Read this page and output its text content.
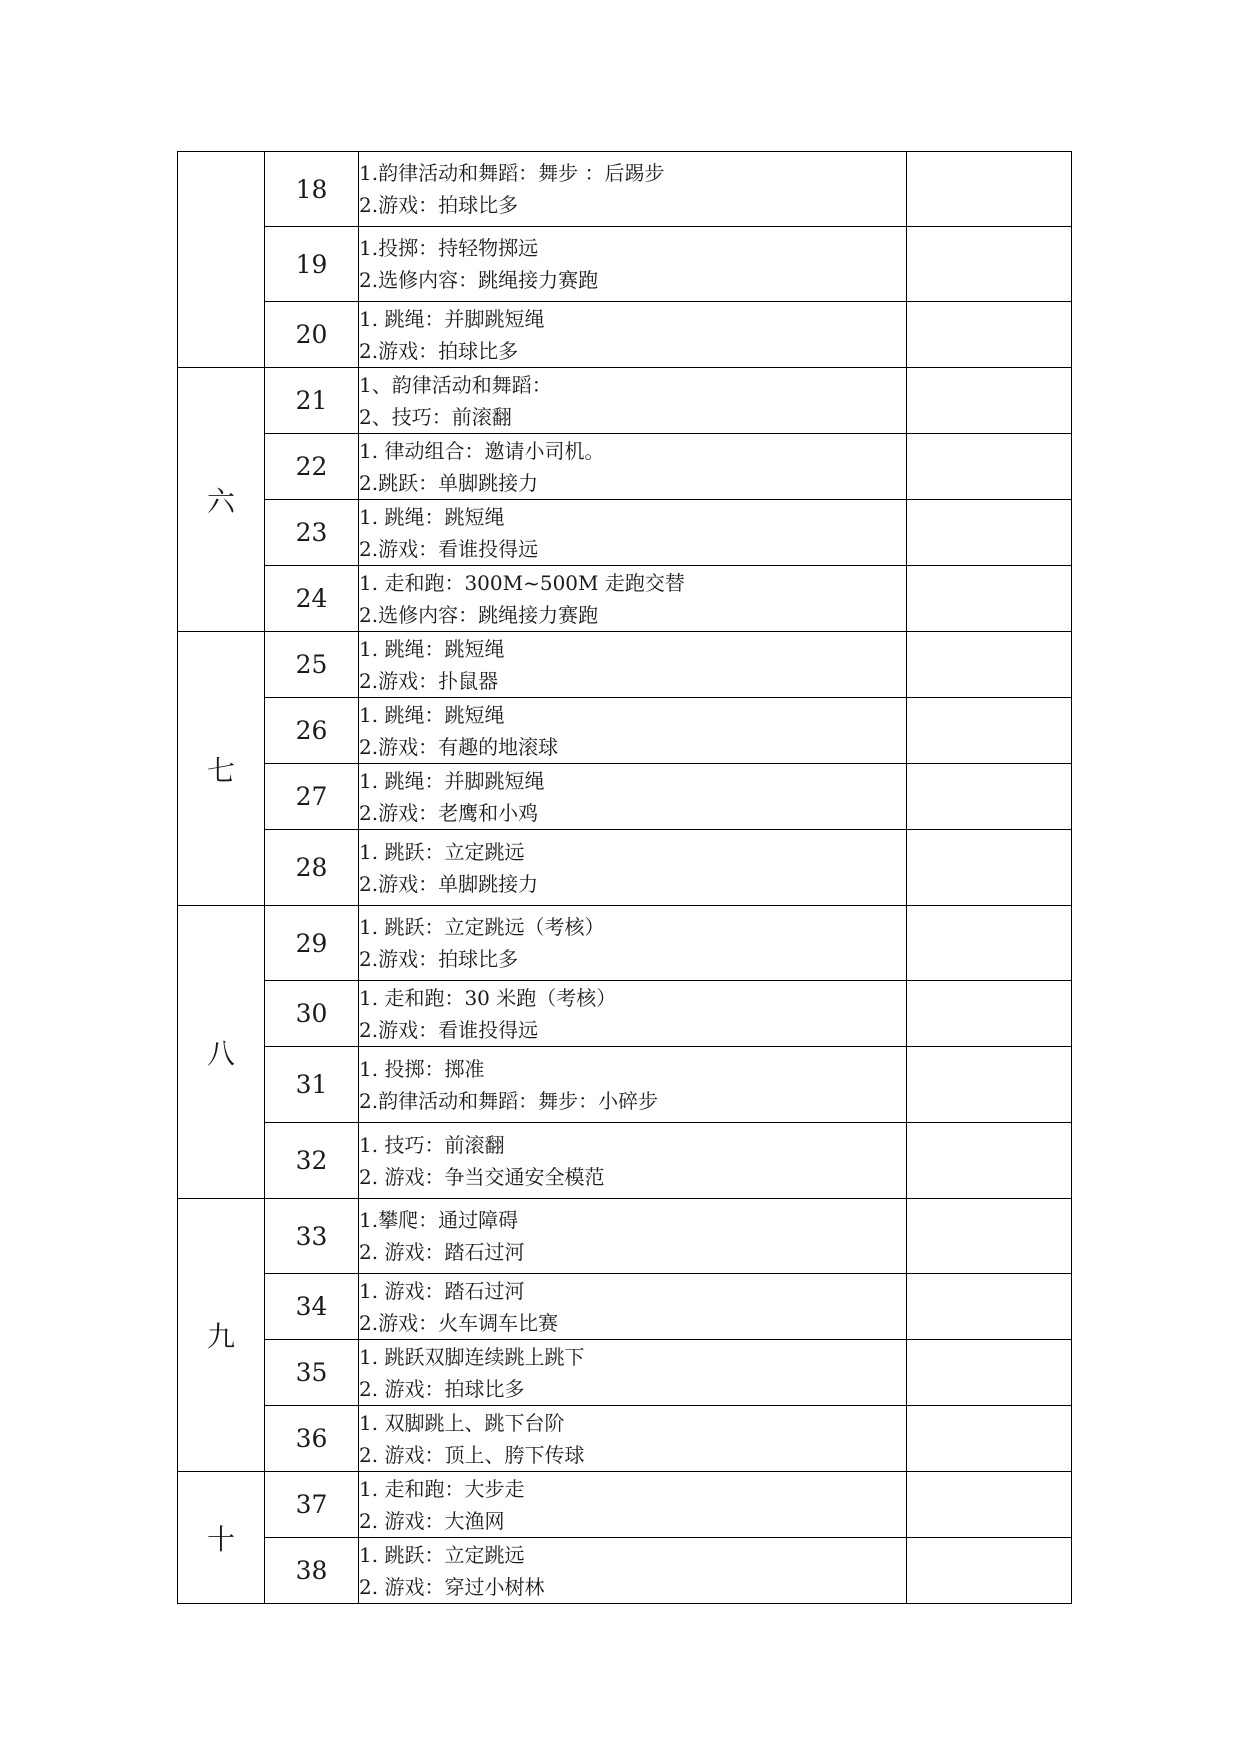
	18	1.韵律活动和舞蹈：舞步 ：后踢步
2.游戏：拍球比多	

	19	1.投掷：持轻物掷远
2.选修内容：跳绳接力赛跑	

	20	1. 跳绳：并脚跳短绳
2.游戏：拍球比多	

六	21	1、韵律活动和舞蹈：
2、技巧：前滚翻	

	22	1. 律动组合：邀请小司机。
2.跳跃：单脚跳接力	

	23	1. 跳绳：跳短绳
2.游戏：看谁投得远	

	24	1. 走和跑：300M~500M 走跑交替
2.选修内容：跳绳接力赛跑	

七	25	1. 跳绳：跳短绳
2.游戏：扑鼠器	

	26	1. 跳绳：跳短绳
2.游戏：有趣的地滚球	

	27	1. 跳绳：并脚跳短绳
2.游戏：老鹰和小鸡	

	28	1. 跳跃：立定跳远
2.游戏：单脚跳接力	

八	29	1. 跳跃：立定跳远（考核）
2.游戏：拍球比多	

	30	1. 走和跑：30 米跑（考核）
2.游戏：看谁投得远	

	31	1. 投掷：掷准
2.韵律活动和舞蹈：舞步：小碎步	

	32	1. 技巧：前滚翻
2. 游戏：争当交通安全模范	

九	33	1.攀爬：通过障碍
2. 游戏：踏石过河	

	34	1. 游戏：踏石过河
2.游戏：火车调车比赛	

	35	1. 跳跃双脚连续跳上跳下
2. 游戏：拍球比多	

	36	1. 双脚跳上、跳下台阶
2. 游戏：顶上、胯下传球	

十	37	1. 走和跑：大步走
2. 游戏：大渔网	

	38	1. 跳跃：立定跳远
2. 游戏：穿过小树林	
